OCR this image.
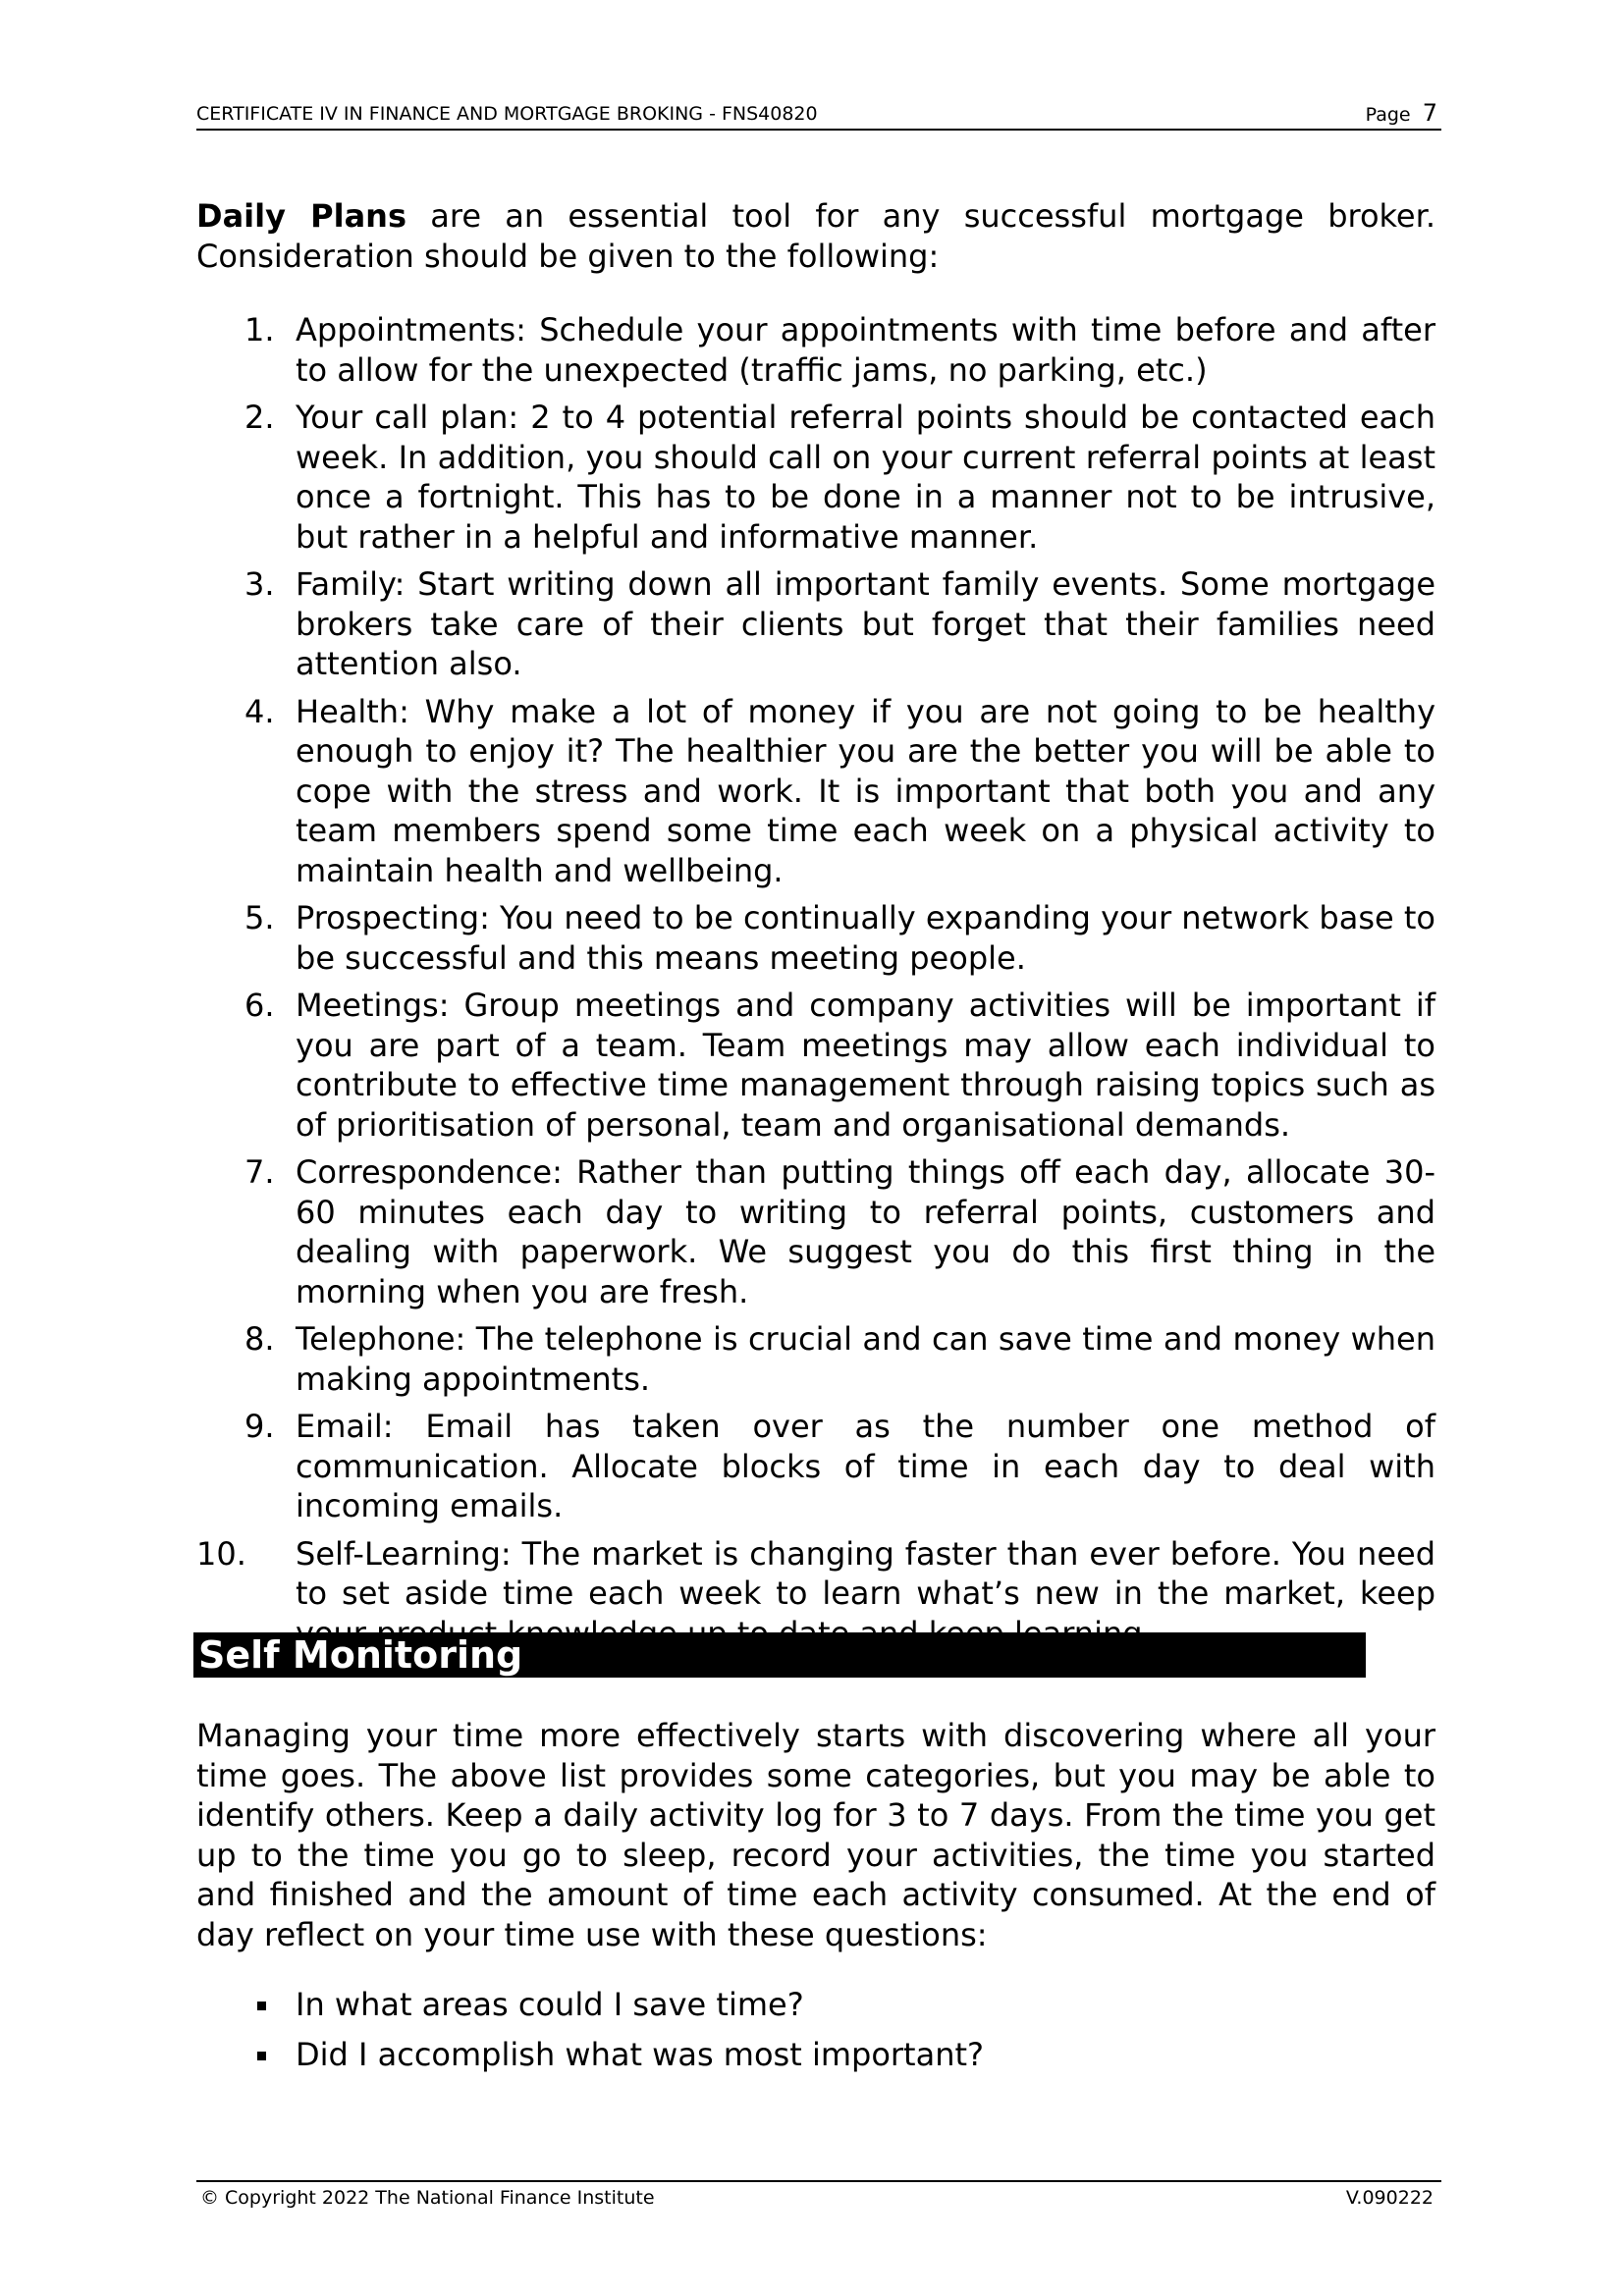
CERTIFICATE IV IN FINANCE AND MORTGAGE BROKING - FNS40820	Page 7

Daily Plans are an essential tool for any successful mortgage broker. Consideration should be given to the following:

1. Appointments: Schedule your appointments with time before and after to allow for the unexpected (traffic jams, no parking, etc.)
2. Your call plan: 2 to 4 potential referral points should be contacted each week. In addition, you should call on your current referral points at least once a fortnight. This has to be done in a manner not to be intrusive, but rather in a helpful and informative manner.
3. Family: Start writing down all important family events. Some mortgage brokers take care of their clients but forget that their families need attention also.
4. Health: Why make a lot of money if you are not going to be healthy enough to enjoy it? The healthier you are the better you will be able to cope with the stress and work. It is important that both you and any team members spend some time each week on a physical activity to maintain health and wellbeing.
5. Prospecting: You need to be continually expanding your network base to be successful and this means meeting people.
6. Meetings: Group meetings and company activities will be important if you are part of a team. Team meetings may allow each individual to contribute to effective time management through raising topics such as of prioritisation of personal, team and organisational demands.
7. Correspondence: Rather than putting things off each day, allocate 30-60 minutes each day to writing to referral points, customers and dealing with paperwork. We suggest you do this first thing in the morning when you are fresh.
8. Telephone: The telephone is crucial and can save time and money when making appointments.
9. Email: Email has taken over as the number one method of communication. Allocate blocks of time in each day to deal with incoming emails.
10. Self-Learning: The market is changing faster than ever before. You need to set aside time each week to learn what’s new in the market, keep
Self Monitoring

Managing your time more effectively starts with discovering where all your time goes. The above list provides some categories, but you may be able to identify others. Keep a daily activity log for 3 to 7 days. From the time you get up to the time you go to sleep, record your activities, the time you started and finished and the amount of time each activity consumed. At the end of day reflect on your time use with these questions:

In what areas could I save time?
Did I accomplish what was most important?
© Copyright 2022 The National Finance Institute	V.090222
